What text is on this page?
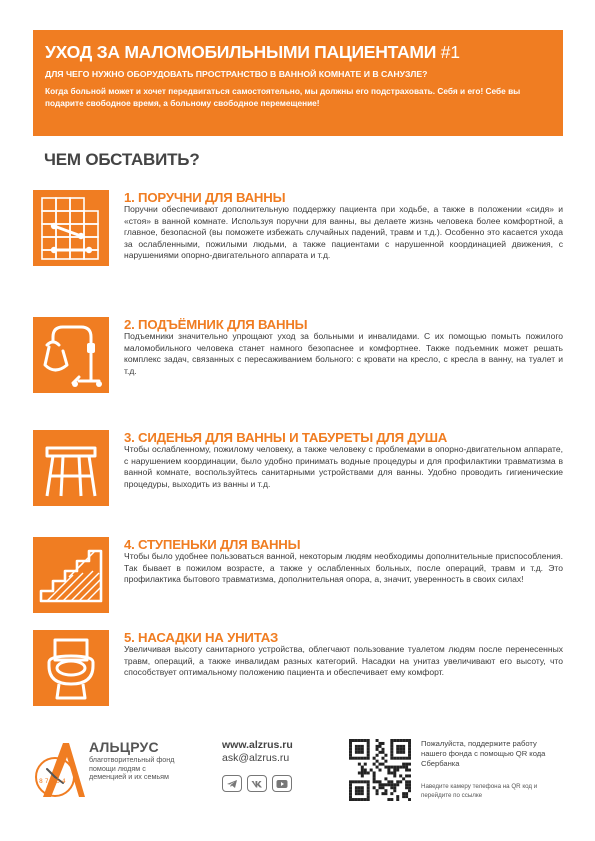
УХОД ЗА МАЛОМОБИЛЬНЫМИ ПАЦИЕНТАМИ #1
ДЛЯ ЧЕГО НУЖНО ОБОРУДОВАТЬ ПРОСТРАНСТВО В ВАННОЙ КОМНАТЕ И В САНУЗЛЕ?
Когда больной может и хочет передвигаться самостоятельно, мы должны его подстраховать. Себя и его! Себе вы подарите свободное время, а больному свободное перемещение!
ЧЕМ ОБСТАВИТЬ?
1. ПОРУЧНИ ДЛЯ ВАННЫ
Поручни обеспечивают дополнительную поддержку пациента при ходьбе, а также в положении «сидя» и «стоя» в ванной комнате. Используя поручни для ванны, вы делаете жизнь человека более комфортной, а главное, безопасной (вы поможете избежать случайных падений, травм и т.д.). Особенно это касается ухода за ослабленными, пожилыми людьми, а также пациентами с нарушенной координацией движения, с нарушениями опорно-двигательного аппарата и т.д.
2. ПОДЪЁМНИК ДЛЯ ВАННЫ
Подъемники значительно упрощают уход за больными и инвалидами. С их помощью помыть пожилого маломобильного человека станет намного безопаснее и комфортнее. Также подъемник может решать комплекс задач, связанных с пересаживанием больного: с кровати на кресло, с кресла в ванну, на туалет и т.д.
3. СИДЕНЬЯ ДЛЯ ВАННЫ И ТАБУРЕТЫ ДЛЯ ДУША
Чтобы ослабленному, пожилому человеку, а также человеку с проблемами в опорно-двигательном аппарате, с нарушением координации, было удобно принимать водные процедуры и для профилактики травматизма в ванной комнате, воспользуйтесь санитарными устройствами для ванны. Удобно проводить гигиенические процедуры, выходить из ванны и т.д.
4. СТУПЕНЬКИ ДЛЯ ВАННЫ
Чтобы было удобнее пользоваться ванной, некоторым людям необходимы дополнительные приспособления. Так бывает в пожилом возрасте, а также у ослабленных больных, после операций, травм и т.д. Это профилактика бытового травматизма, дополнительная опора, а, значит, уверенность в своих силах!
5. НАСАДКИ НА УНИТАЗ
Увеличивая высоту санитарного устройства, облегчают пользование туалетом людям после перенесенных травм, операций, а также инвалидам разных категорий. Насадки на унитаз увеличивают его высоту, что способствует оптимальному положению пациента и обеспечивает ему комфорт.
8 7 6 5 4
АЛЬЦРУС
благотворительный фонд помощи людям с деменцией и их семьям
www.alzrus.ru
ask@alzrus.ru
Пожалуйста, поддержите работу нашего фонда с помощью QR кода Сбербанка
Наведите камеру телефона на QR код и перейдите по ссылке
